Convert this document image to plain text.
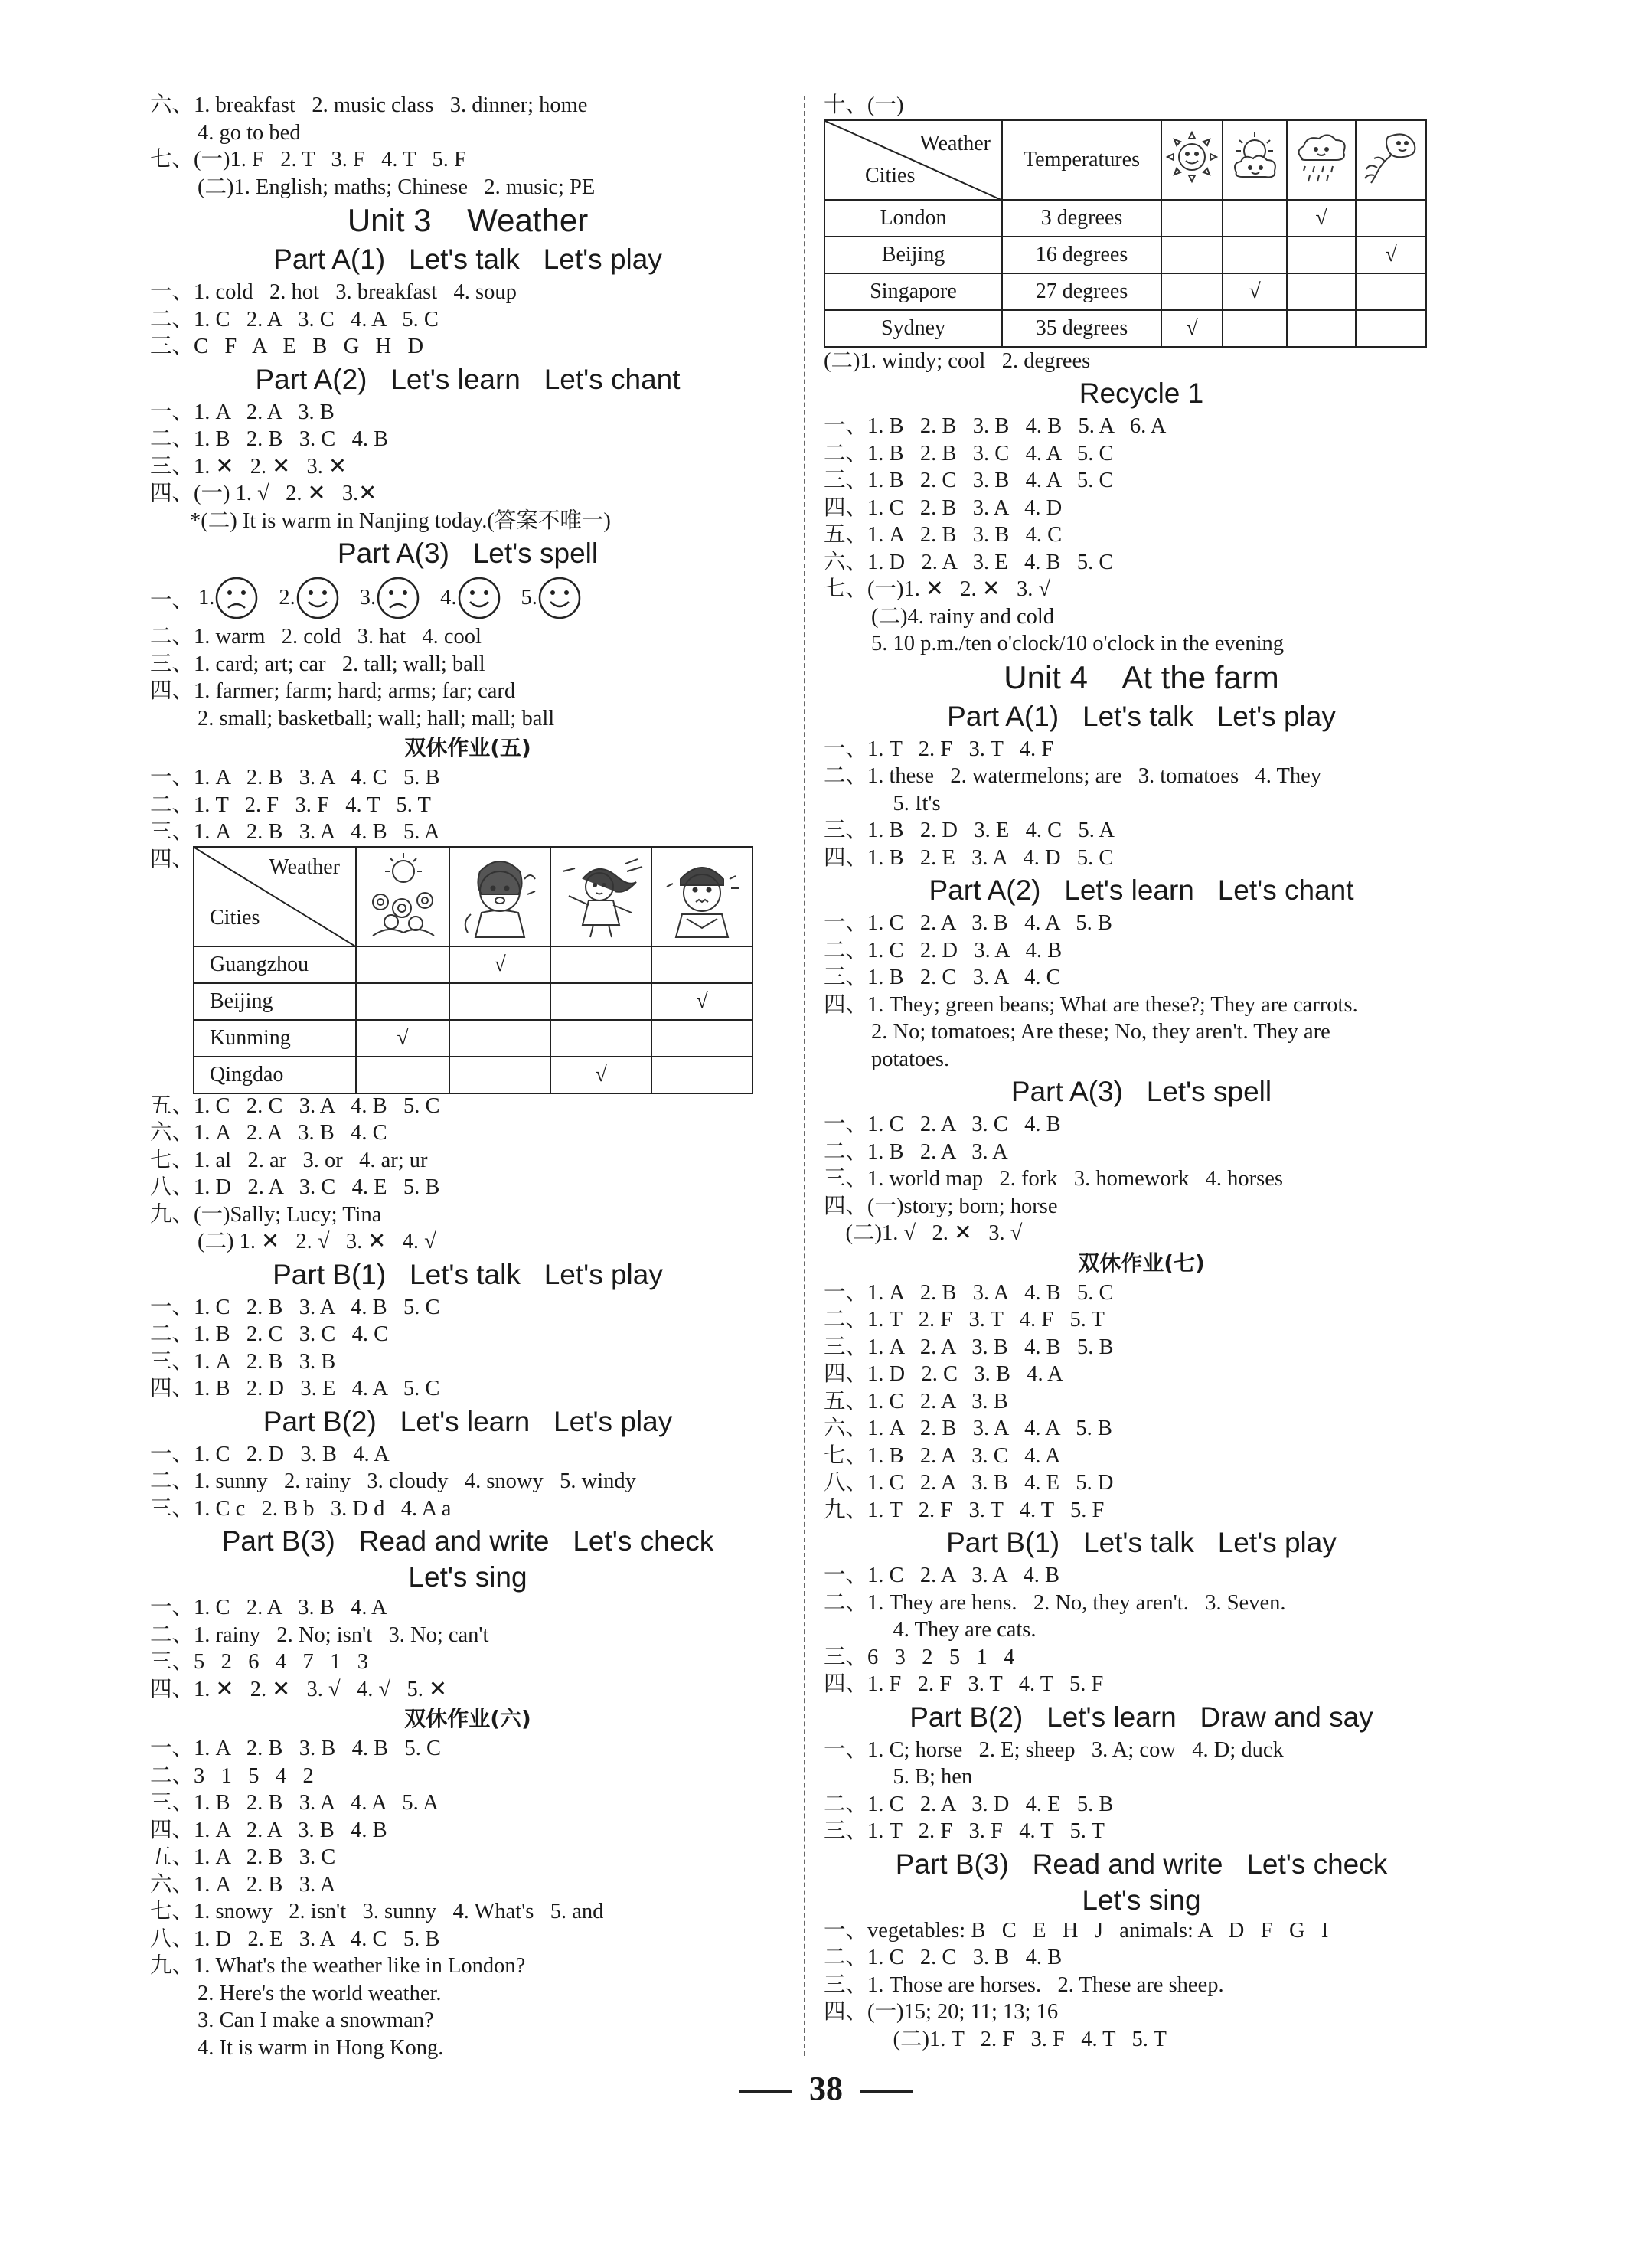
六、1. breakfast   2. music class   3. dinner; home
4. go to bed
七、(一)1. F   2. T   3. F   4. T   5. F
(二)1. English; maths; Chinese   2. music; PE
Unit 3    Weather
Part A(1)   Let's talk   Let's play
一、1. cold   2. hot   3. breakfast   4. soup
二、1. C   2. A   3. C   4. A   5. C
三、C   F   A   E   B   G   H   D
Part A(2)   Let's learn   Let's chant
一、1. A   2. A   3. B
二、1. B   2. B   3. C   4. B
三、1. ✕   2. ✕   3. ✕
四、(一) 1. √   2. ✕   3.✕
*(二) It is warm in Nanjing today.(答案不唯一)
Part A(3)   Let's spell
一、 1.	2.	3.	4.	5.
二、1. warm   2. cold   3. hat   4. cool
三、1. card; art; car   2. tall; wall; ball
四、1. farmer; farm; hard; arms; far; card
2. small; basketball; wall; hall; mall; ball
双休作业(五)
一、1. A   2. B   3. A   4. C   5. B
二、1. T   2. F   3. F   4. T   5. T
三、1. A   2. B   3. A   4. B   5. A
四、	Weather
Cities

Guangzhou		√		
Beijing				√
Kunming	√			
Qingdao			√	
五、1. C   2. C   3. A   4. B   5. C
六、1. A   2. A   3. B   4. C
七、1. al   2. ar   3. or   4. ar; ur
八、1. D   2. A   3. C   4. E   5. B
九、(一)Sally; Lucy; Tina
(二) 1. ✕   2. √   3. ✕   4. √
Part B(1)   Let's talk   Let's play
一、1. C   2. B   3. A   4. B   5. C
二、1. B   2. C   3. C   4. C
三、1. A   2. B   3. B
四、1. B   2. D   3. E   4. A   5. C
Part B(2)   Let's learn   Let's play
一、1. C   2. D   3. B   4. A
二、1. sunny   2. rainy   3. cloudy   4. snowy   5. windy
三、1. C c   2. B b   3. D d   4. A a
Part B(3)   Read and write   Let's check
Let's sing
一、1. C   2. A   3. B   4. A
二、1. rainy   2. No; isn't   3. No; can't
三、5   2   6   4   7   1   3
四、1. ✕   2. ✕   3. √   4. √   5. ✕
双休作业(六)
一、1. A   2. B   3. B   4. B   5. C
二、3   1   5   4   2
三、1. B   2. B   3. A   4. A   5. A
四、1. A   2. A   3. B   4. B
五、1. A   2. B   3. C
六、1. A   2. B   3. A
七、1. snowy   2. isn't   3. sunny   4. What's   5. and
八、1. D   2. E   3. A   4. C   5. B
九、1. What's the weather like in London?
2. Here's the world weather.
3. Can I make a snowman?
4. It is warm in Hong Kong.
十、(一)
Weather
Cities	Temperatures				
London	3 degrees			√	
Beijing	16 degrees				√
Singapore	27 degrees		√		
Sydney	35 degrees	√			
(二)1. windy; cool   2. degrees
Recycle 1
一、1. B   2. B   3. B   4. B   5. A   6. A
二、1. B   2. B   3. C   4. A   5. C
三、1. B   2. C   3. B   4. A   5. C
四、1. C   2. B   3. A   4. D
五、1. A   2. B   3. B   4. C
六、1. D   2. A   3. E   4. B   5. C
七、(一)1. ✕   2. ✕   3. √
(二)4. rainy and cold
5. 10 p.m./ten o'clock/10 o'clock in the evening
Unit 4    At the farm
Part A(1)   Let's talk   Let's play
一、1. T   2. F   3. T   4. F
二、1. these   2. watermelons; are   3. tomatoes   4. They
5. It's
三、1. B   2. D   3. E   4. C   5. A
四、1. B   2. E   3. A   4. D   5. C
Part A(2)   Let's learn   Let's chant
一、1. C   2. A   3. B   4. A   5. B
二、1. C   2. D   3. A   4. B
三、1. B   2. C   3. A   4. C
四、1. They; green beans; What are these?; They are carrots.
2. No; tomatoes; Are these; No, they aren't. They are
potatoes.
Part A(3)   Let's spell
一、1. C   2. A   3. C   4. B
二、1. B   2. A   3. A
三、1. world map   2. fork   3. homework   4. horses
四、(一)story; born; horse
(二)1. √   2. ✕   3. √
双休作业(七)
一、1. A   2. B   3. A   4. B   5. C
二、1. T   2. F   3. T   4. F   5. T
三、1. A   2. A   3. B   4. B   5. B
四、1. D   2. C   3. B   4. A
五、1. C   2. A   3. B
六、1. A   2. B   3. A   4. A   5. B
七、1. B   2. A   3. C   4. A
八、1. C   2. A   3. B   4. E   5. D
九、1. T   2. F   3. T   4. T   5. F
Part B(1)   Let's talk   Let's play
一、1. C   2. A   3. A   4. B
二、1. They are hens.   2. No, they aren't.   3. Seven.
4. They are cats.
三、6   3   2   5   1   4
四、1. F   2. F   3. T   4. T   5. F
Part B(2)   Let's learn   Draw and say
一、1. C; horse   2. E; sheep   3. A; cow   4. D; duck
5. B; hen
二、1. C   2. A   3. D   4. E   5. B
三、1. T   2. F   3. F   4. T   5. T
Part B(3)   Read and write   Let's check
Let's sing
一、vegetables: B   C   E   H   J   animals: A   D   F   G   I
二、1. C   2. C   3. B   4. B
三、1. Those are horses.   2. These are sheep.
四、(一)15; 20; 11; 13; 16
(二)1. T   2. F   3. F   4. T   5. T
38
